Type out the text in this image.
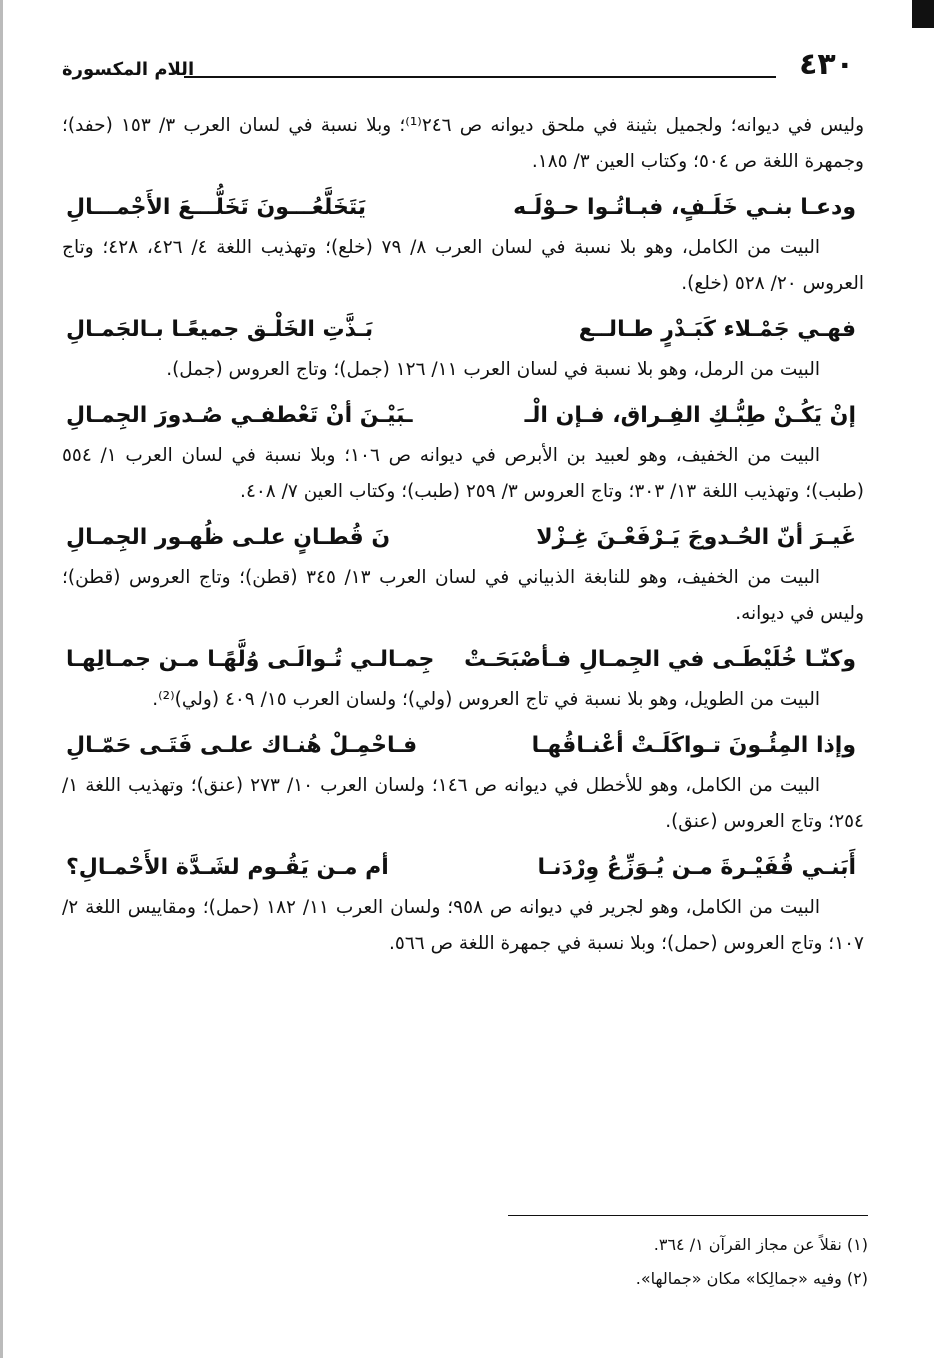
٤٣٠
اللام المكسورة

وليس في ديوانه؛ ولجميل بثينة في ملحق ديوانه ص ٢٤٦⁽¹⁾؛ وبلا نسبة في لسان العرب ٣/ ١٥٣ (حفد)؛ وجمهرة اللغة ص ٥٠٤؛ وكتاب العين ٣/ ١٨٥.

ودعـا بنـي خَلَـفٍ، فبـاتُـوا حـوْلَـه
يَتَخَلَّعُـــونَ تَخَلُّـــعَ الأَجْمـــالِ

البيت من الكامل، وهو بلا نسبة في لسان العرب ٨/ ٧٩ (خلع)؛ وتهذيب اللغة ٤/ ٤٢٦، ٤٢٨؛ وتاج العروس ٢٠/ ٥٢٨ (خلع).

فهـي جَمْـلاء كَبَـدْرٍ طـالــع
بَـذَّتِ الخَلْـق جميعًـا بـالجَمـالِ

البيت من الرمل، وهو بلا نسبة في لسان العرب ١١/ ١٢٦ (جمل)؛ وتاج العروس (جمل).

إنْ يَكُـنْ طِبُّـكِ الفِـراق، فـإن الْـ
ـبَيْـنَ أنْ تَعْطفـي صُـدورَ الجِمـالِ

البيت من الخفيف، وهو لعبيد بن الأبرص في ديوانه ص ١٠٦؛ وبلا نسبة في لسان العرب ١/ ٥٥٤ (طبب)؛ وتهذيب اللغة ١٣/ ٣٠٣؛ وتاج العروس ٣/ ٢٥٩ (طبب)؛ وكتاب العين ٧/ ٤٠٨.

غَيـرَ أنّ الحُـدوجَ يَـرْفَعْـنَ غِـزْلا
نَ قُطـانٍ علـى ظُهـور الجِمـالِ

البيت من الخفيف، وهو للنابغة الذبياني في لسان العرب ١٣/ ٣٤٥ (قطن)؛ وتاج العروس (قطن)؛ وليس في ديوانه.

وكنّـا خُلَيْطَـى في الجِمـالِ فـأصْبَحَـتْ
جِمـالـي تُـوالَـى وُلَّهًـا مـن جمـالِهـا

البيت من الطويل، وهو بلا نسبة في تاج العروس (ولي)؛ ولسان العرب ١٥/ ٤٠٩ (ولي)⁽²⁾.

وإذا المِئُـونَ تـواكَلَـتْ أعْنـاقُهـا
فـاحْمِـلْ هُنـاك علـى فَتَـى حَمّـالِ

البيت من الكامل، وهو للأخطل في ديوانه ص ١٤٦؛ ولسان العرب ١٠/ ٢٧٣ (عنق)؛ وتهذيب اللغة ١/ ٢٥٤؛ وتاج العروس (عنق).

أَبَنـي قُفَيْـرةَ مـن يُـوَزِّعُ وِرْدَنـا
أم مـن يَقُـوم لشَـدَّة الأَحْمـالِ؟

البيت من الكامل، وهو لجرير في ديوانه ص ٩٥٨؛ ولسان العرب ١١/ ١٨٢ (حمل)؛ ومقاييس اللغة ٢/ ١٠٧؛ وتاج العروس (حمل)؛ وبلا نسبة في جمهرة اللغة ص ٥٦٦.

(١) نقلاً عن مجاز القرآن ١/ ٣٦٤.

(٢) وفيه «جمالِكا» مكان «جمالها».
